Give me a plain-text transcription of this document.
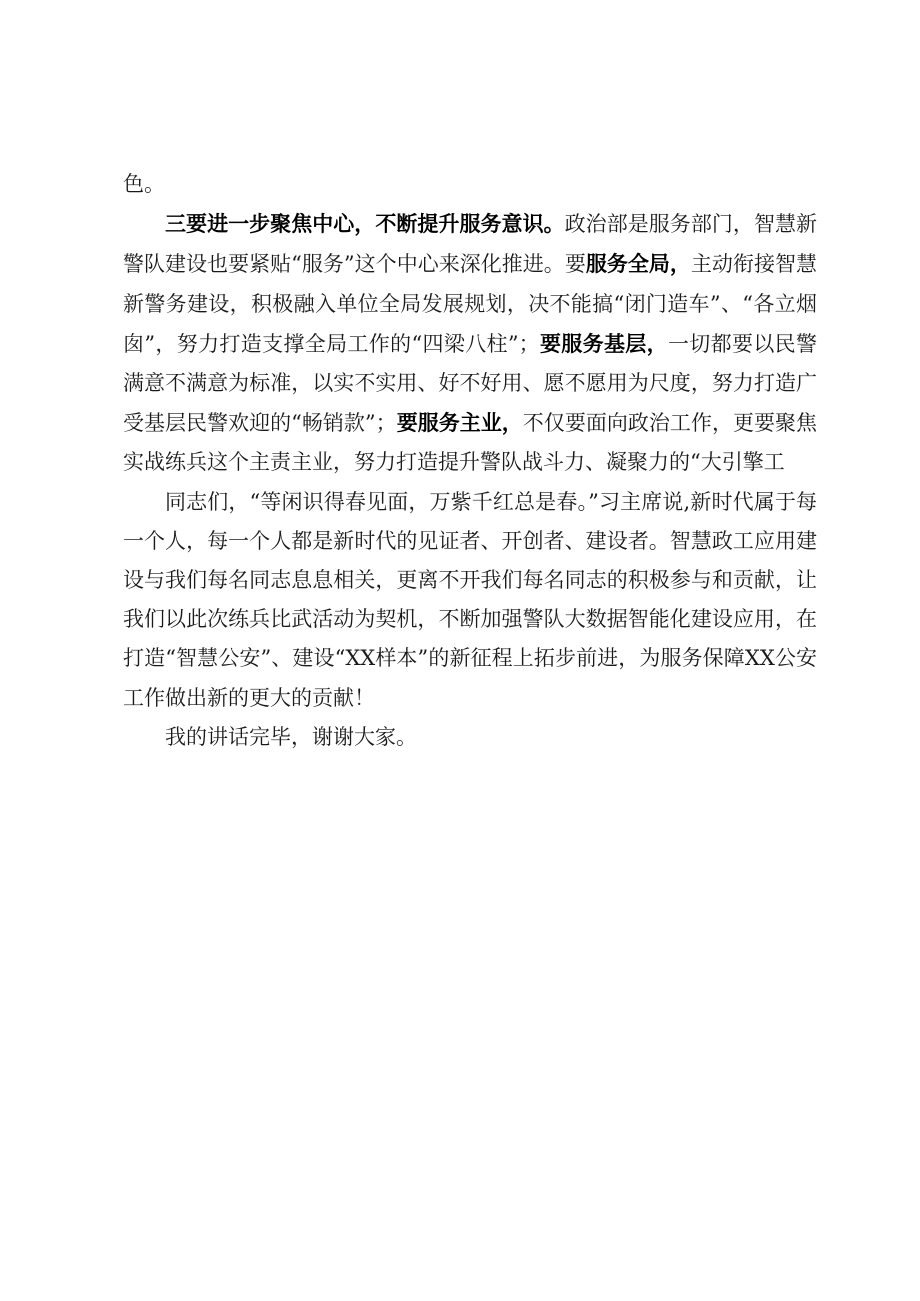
色。

三要进一步聚焦中心，不断提升服务意识。政治部是服务部门，智慧新警队建设也要紧贴“服务”这个中心来深化推进。要服务全局，主动衔接智慧新警务建设，积极融入单位全局发展规划，决不能搞“闭门造车”、“各立烟囱”，努力打造支撑全局工作的“四梁八柱”；要服务基层，一切都要以民警满意不满意为标准，以实不实用、好不好用、愿不愿用为尺度，努力打造广受基层民警欢迎的“畅销款”；要服务主业，不仅要面向政治工作，更要聚焦实战练兵这个主责主业，努力打造提升警队战斗力、凝聚力的“大引擎工

同志们，“等闲识得春见面，万紫千红总是春。”习主席说,新时代属于每一个人，每一个人都是新时代的见证者、开创者、建设者。智慧政工应用建设与我们每名同志息息相关，更离不开我们每名同志的积极参与和贡献，让我们以此次练兵比武活动为契机，不断加强警队大数据智能化建设应用，在打造“智慧公安”、建设“XX样本”的新征程上拓步前进，为服务保障XX公安工作做出新的更大的贡献！

我的讲话完毕，谢谢大家。
